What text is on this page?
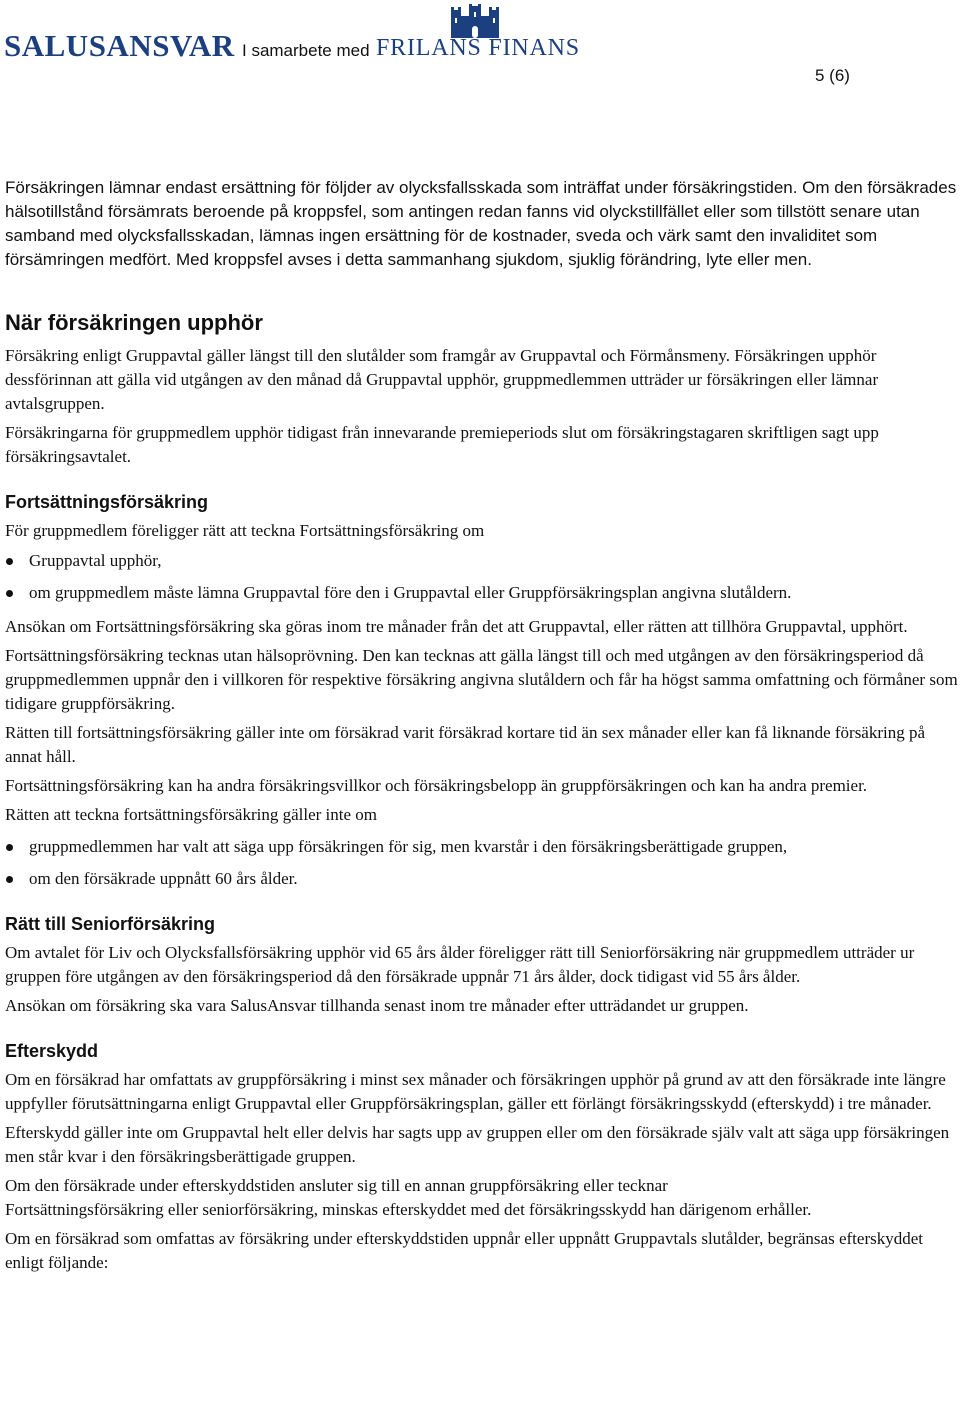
SALUSANSVAR I samarbete med FRILANS FINANS
5 (6)

Försäkringen lämnar endast ersättning för följder av olycksfallsskada som inträffat under försäkringstiden. Om den försäkrades hälsotillstånd försämrats beroende på kroppsfel, som antingen redan fanns vid olyckstillfället eller som tillstött senare utan samband med olycksfallsskadan, lämnas ingen ersättning för de kostnader, sveda och värk samt den invaliditet som försämringen medfört. Med kroppsfel avses i detta sammanhang sjukdom, sjuklig förändring, lyte eller men.

När försäkringen upphör

Försäkring enligt Gruppavtal gäller längst till den slutålder som framgår av Gruppavtal och Förmånsmeny. Försäkringen upphör dessförinnan att gälla vid utgången av den månad då Gruppavtal upphör, gruppmedlemmen utträder ur försäkringen eller lämnar avtalsgruppen.

Försäkringarna för gruppmedlem upphör tidigast från innevarande premieperiods slut om försäkringstagaren skriftligen sagt upp försäkringsavtalet.

Fortsättningsförsäkring

För gruppmedlem föreligger rätt att teckna Fortsättningsförsäkring om

Gruppavtal upphör,
om gruppmedlem måste lämna Gruppavtal före den i Gruppavtal eller Gruppförsäkringsplan angivna slutåldern.

Ansökan om Fortsättningsförsäkring ska göras inom tre månader från det att Gruppavtal, eller rätten att tillhöra Gruppavtal, upphört.

Fortsättningsförsäkring tecknas utan hälsoprövning. Den kan tecknas att gälla längst till och med utgången av den försäkringsperiod då gruppmedlemmen uppnår den i villkoren för respektive försäkring angivna slutåldern och får ha högst samma omfattning och förmåner som tidigare gruppförsäkring.

Rätten till fortsättningsförsäkring gäller inte om försäkrad varit försäkrad kortare tid än sex månader eller kan få liknande försäkring på annat håll.

Fortsättningsförsäkring kan ha andra försäkringsvillkor och försäkringsbelopp än gruppförsäkringen och kan ha andra premier.

Rätten att teckna fortsättningsförsäkring gäller inte om

gruppmedlemmen har valt att säga upp försäkringen för sig, men kvarstår i den försäkringsberättigade gruppen,
om den försäkrade uppnått 60 års ålder.
Rätt till Seniorförsäkring

Om avtalet för Liv och Olycksfallsförsäkring upphör vid 65 års ålder föreligger rätt till Seniorförsäkring när gruppmedlem utträder ur gruppen före utgången av den försäkringsperiod då den försäkrade uppnår 71 års ålder, dock tidigast vid 55 års ålder.

Ansökan om försäkring ska vara SalusAnsvar tillhanda senast inom tre månader efter utträdandet ur gruppen.

Efterskydd

Om en försäkrad har omfattats av gruppförsäkring i minst sex månader och försäkringen upphör på grund av att den försäkrade inte längre uppfyller förutsättningarna enligt Gruppavtal eller Gruppförsäkringsplan, gäller ett förlängt försäkringsskydd (efterskydd) i tre månader.

Efterskydd gäller inte om Gruppavtal helt eller delvis har sagts upp av gruppen eller om den försäkrade själv valt att säga upp försäkringen men står kvar i den försäkringsberättigade gruppen.

Om den försäkrade under efterskyddstiden ansluter sig till en annan gruppförsäkring eller tecknar

Fortsättningsförsäkring eller seniorförsäkring, minskas efterskyddet med det försäkringsskydd han därigenom erhåller.

Om en försäkrad som omfattas av försäkring under efterskyddstiden uppnår eller uppnått Gruppavtals slutålder, begränsas efterskyddet enligt följande:
